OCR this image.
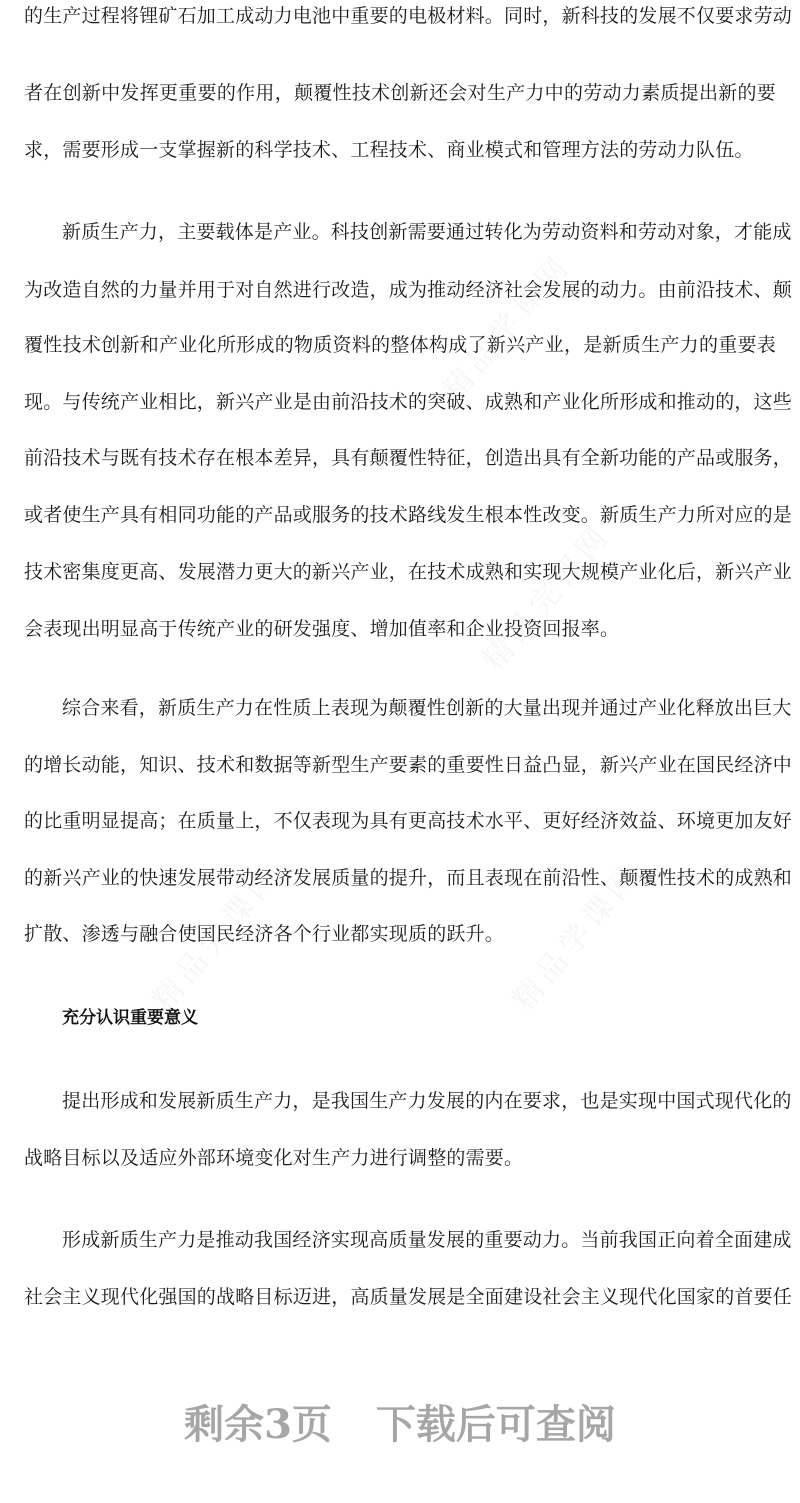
精品完课网
精品学课网
精品完课网	精品学课网
的生产过程将锂矿石加工成动力电池中重要的电极材料。同时，新科技的发展不仅要求劳动
者在创新中发挥更重要的作用，颠覆性技术创新还会对生产力中的劳动力素质提出新的要
求，需要形成一支掌握新的科学技术、工程技术、商业模式和管理方法的劳动力队伍。
新质生产力，主要载体是产业。科技创新需要通过转化为劳动资料和劳动对象，才能成
为改造自然的力量并用于对自然进行改造，成为推动经济社会发展的动力。由前沿技术、颠
覆性技术创新和产业化所形成的物质资料的整体构成了新兴产业，是新质生产力的重要表
现。与传统产业相比，新兴产业是由前沿技术的突破、成熟和产业化所形成和推动的，这些
前沿技术与既有技术存在根本差异，具有颠覆性特征，创造出具有全新功能的产品或服务，
或者使生产具有相同功能的产品或服务的技术路线发生根本性改变。新质生产力所对应的是
技术密集度更高、发展潜力更大的新兴产业，在技术成熟和实现大规模产业化后，新兴产业
会表现出明显高于传统产业的研发强度、增加值率和企业投资回报率。
综合来看，新质生产力在性质上表现为颠覆性创新的大量出现并通过产业化释放出巨大
的增长动能，知识、技术和数据等新型生产要素的重要性日益凸显，新兴产业在国民经济中
的比重明显提高；在质量上，不仅表现为具有更高技术水平、更好经济效益、环境更加友好
的新兴产业的快速发展带动经济发展质量的提升，而且表现在前沿性、颠覆性技术的成熟和
扩散、渗透与融合使国民经济各个行业都实现质的跃升。
充分认识重要意义
提出形成和发展新质生产力，是我国生产力发展的内在要求，也是实现中国式现代化的
战略目标以及适应外部环境变化对生产力进行调整的需要。
形成新质生产力是推动我国经济实现高质量发展的重要动力。当前我国正向着全面建成
社会主义现代化强国的战略目标迈进，高质量发展是全面建设社会主义现代化国家的首要任
剩余3页 下载后可查阅
